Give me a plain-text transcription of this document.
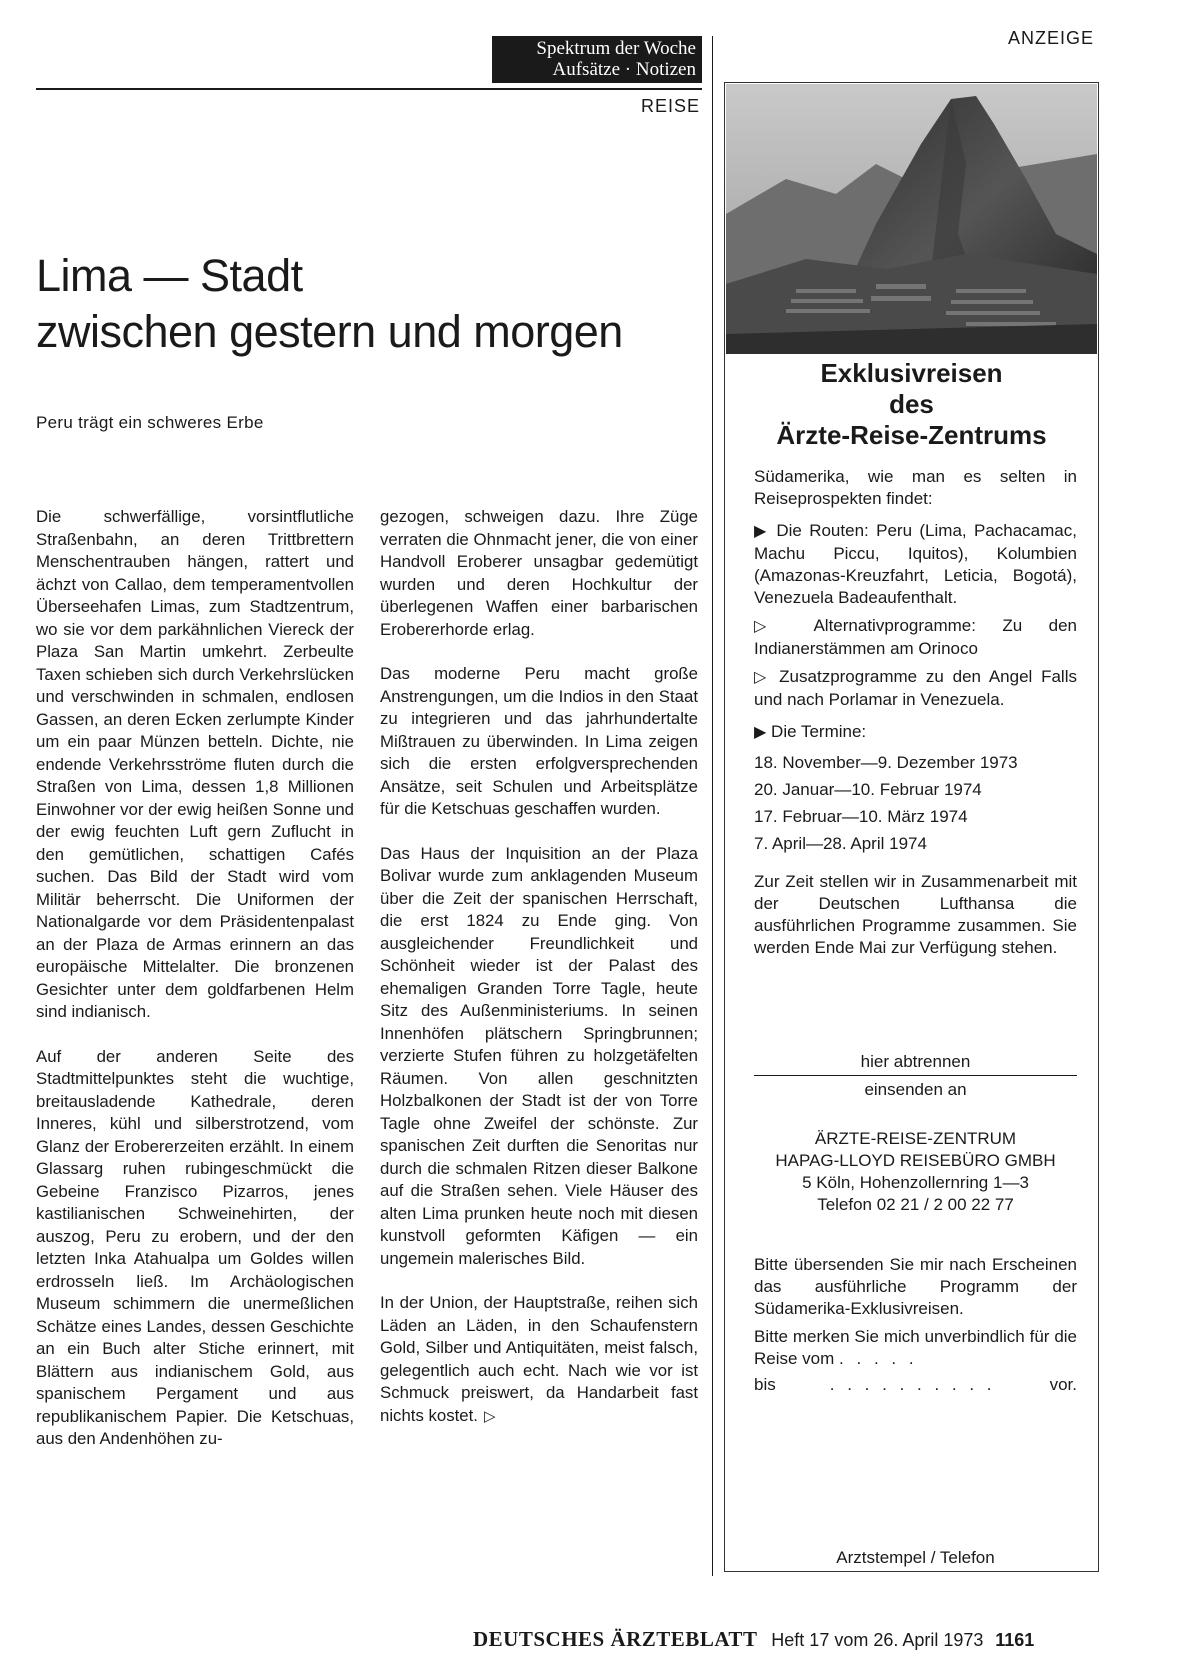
Spektrum der Woche
Aufsätze · Notizen
REISE
ANZEIGE
Lima — Stadt
zwischen gestern und morgen
Peru trägt ein schweres Erbe

Die schwerfällige, vorsintflutliche Straßenbahn, an deren Trittbrettern Menschentrauben hängen, rattert und ächzt von Callao, dem temperamentvollen Überseehafen Limas, zum Stadtzentrum, wo sie vor dem parkähnlichen Viereck der Plaza San Martin umkehrt. Zerbeulte Taxen schieben sich durch Verkehrslücken und verschwinden in schmalen, endlosen Gassen, an deren Ecken zerlumpte Kinder um ein paar Münzen betteln. Dichte, nie endende Verkehrsströme fluten durch die Straßen von Lima, dessen 1,8 Millionen Einwohner vor der ewig heißen Sonne und der ewig feuchten Luft gern Zuflucht in den gemütlichen, schattigen Cafés suchen. Das Bild der Stadt wird vom Militär beherrscht. Die Uniformen der Nationalgarde vor dem Präsidentenpalast an der Plaza de Armas erinnern an das europäische Mittelalter. Die bronzenen Gesichter unter dem goldfarbenen Helm sind indianisch.

Auf der anderen Seite des Stadtmittelpunktes steht die wuchtige, breitausladende Kathedrale, deren Inneres, kühl und silberstrotzend, vom Glanz der Erobererzeiten erzählt. In einem Glassarg ruhen rubingeschmückt die Gebeine Franzisco Pizarros, jenes kastilianischen Schweinehirten, der auszog, Peru zu erobern, und der den letzten Inka Atahualpa um Goldes willen erdrosseln ließ. Im Archäologischen Museum schimmern die unermeßlichen Schätze eines Landes, dessen Geschichte an ein Buch alter Stiche erinnert, mit Blättern aus indianischem Gold, aus spanischem Pergament und aus republikanischem Papier. Die Ketschuas, aus den Andenhöhen zu-

gezogen, schweigen dazu. Ihre Züge verraten die Ohnmacht jener, die von einer Handvoll Eroberer unsagbar gedemütigt wurden und deren Hochkultur der überlegenen Waffen einer barbarischen Erobererhorde erlag.

Das moderne Peru macht große Anstrengungen, um die Indios in den Staat zu integrieren und das jahrhundertalte Mißtrauen zu überwinden. In Lima zeigen sich die ersten erfolgversprechenden Ansätze, seit Schulen und Arbeitsplätze für die Ketschuas geschaffen wurden.

Das Haus der Inquisition an der Plaza Bolivar wurde zum anklagenden Museum über die Zeit der spanischen Herrschaft, die erst 1824 zu Ende ging. Von ausgleichender Freundlichkeit und Schönheit wieder ist der Palast des ehemaligen Granden Torre Tagle, heute Sitz des Außenministeriums. In seinen Innenhöfen plätschern Springbrunnen; verzierte Stufen führen zu holzgetäfelten Räumen. Von allen geschnitzten Holzbalkonen der Stadt ist der von Torre Tagle ohne Zweifel der schönste. Zur spanischen Zeit durften die Senoritas nur durch die schmalen Ritzen dieser Balkone auf die Straßen sehen. Viele Häuser des alten Lima prunken heute noch mit diesen kunstvoll geformten Käfigen — ein ungemein malerisches Bild.

In der Union, der Hauptstraße, reihen sich Läden an Läden, in den Schaufenstern Gold, Silber und Antiquitäten, meist falsch, gelegentlich auch echt. Nach wie vor ist Schmuck preiswert, da Handarbeit fast nichts kostet. ▷

Exklusivreisen
des
Ärzte-Reise-Zentrums

Südamerika, wie man es selten in Reiseprospekten findet:

▶ Die Routen: Peru (Lima, Pachacamac, Machu Piccu, Iquitos), Kolumbien (Amazonas-Kreuzfahrt, Leticia, Bogotá), Venezuela Badeaufenthalt.

▷ Alternativprogramme: Zu den Indianerstämmen am Orinoco

▷ Zusatzprogramme zu den Angel Falls und nach Porlamar in Venezuela.

▶ Die Termine:

18. November—9. Dezember 1973
20. Januar—10. Februar 1974
17. Februar—10. März 1974
7. April—28. April 1974

Zur Zeit stellen wir in Zusammenarbeit mit der Deutschen Lufthansa die ausführlichen Programme zusammen. Sie werden Ende Mai zur Verfügung stehen.

hier abtrennen
einsenden an
ÄRZTE-REISE-ZENTRUM
HAPAG-LLOYD REISEBÜRO GMBH
5 Köln, Hohenzollernring 1—3
Telefon 02 21 / 2 00 22 77

Bitte übersenden Sie mir nach Erscheinen das ausführliche Programm der Südamerika-Exklusivreisen.

Bitte merken Sie mich unverbindlich für die Reise vom . . . . .

bis	. . . . . . . . . .	vor.
Arztstempel / Telefon
DEUTSCHES ÄRZTEBLATT Heft 17 vom 26. April 1973 1161
